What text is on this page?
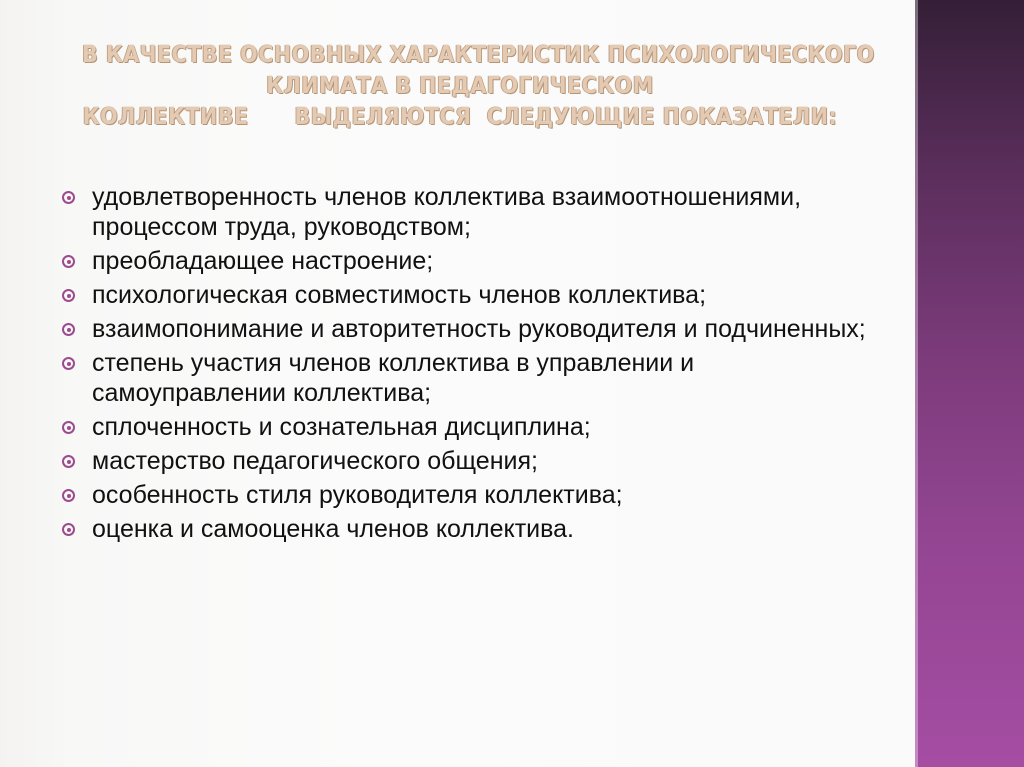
В КАЧЕСТВЕ ОСНОВНЫХ ХАРАКТЕРИСТИК ПСИХОЛОГИЧЕСКОГО
КЛИМАТА В ПЕДАГОГИЧЕСКОМ
КОЛЛЕКТИВЕ      ВЫДЕЛЯЮТСЯ  СЛЕДУЮЩИЕ ПОКАЗАТЕЛИ:
удовлетворенность членов коллектива взаимоотношениями, процессом труда, руководством;
преобладающее настроение;
психологическая совместимость членов коллектива;
взаимопонимание и авторитетность руководителя и подчиненных;
степень участия членов коллектива в управлении и самоуправлении коллектива;
сплоченность и сознательная дисциплина;
мастерство педагогического общения;
особенность стиля руководителя коллектива;
оценка и самооценка членов коллектива.
